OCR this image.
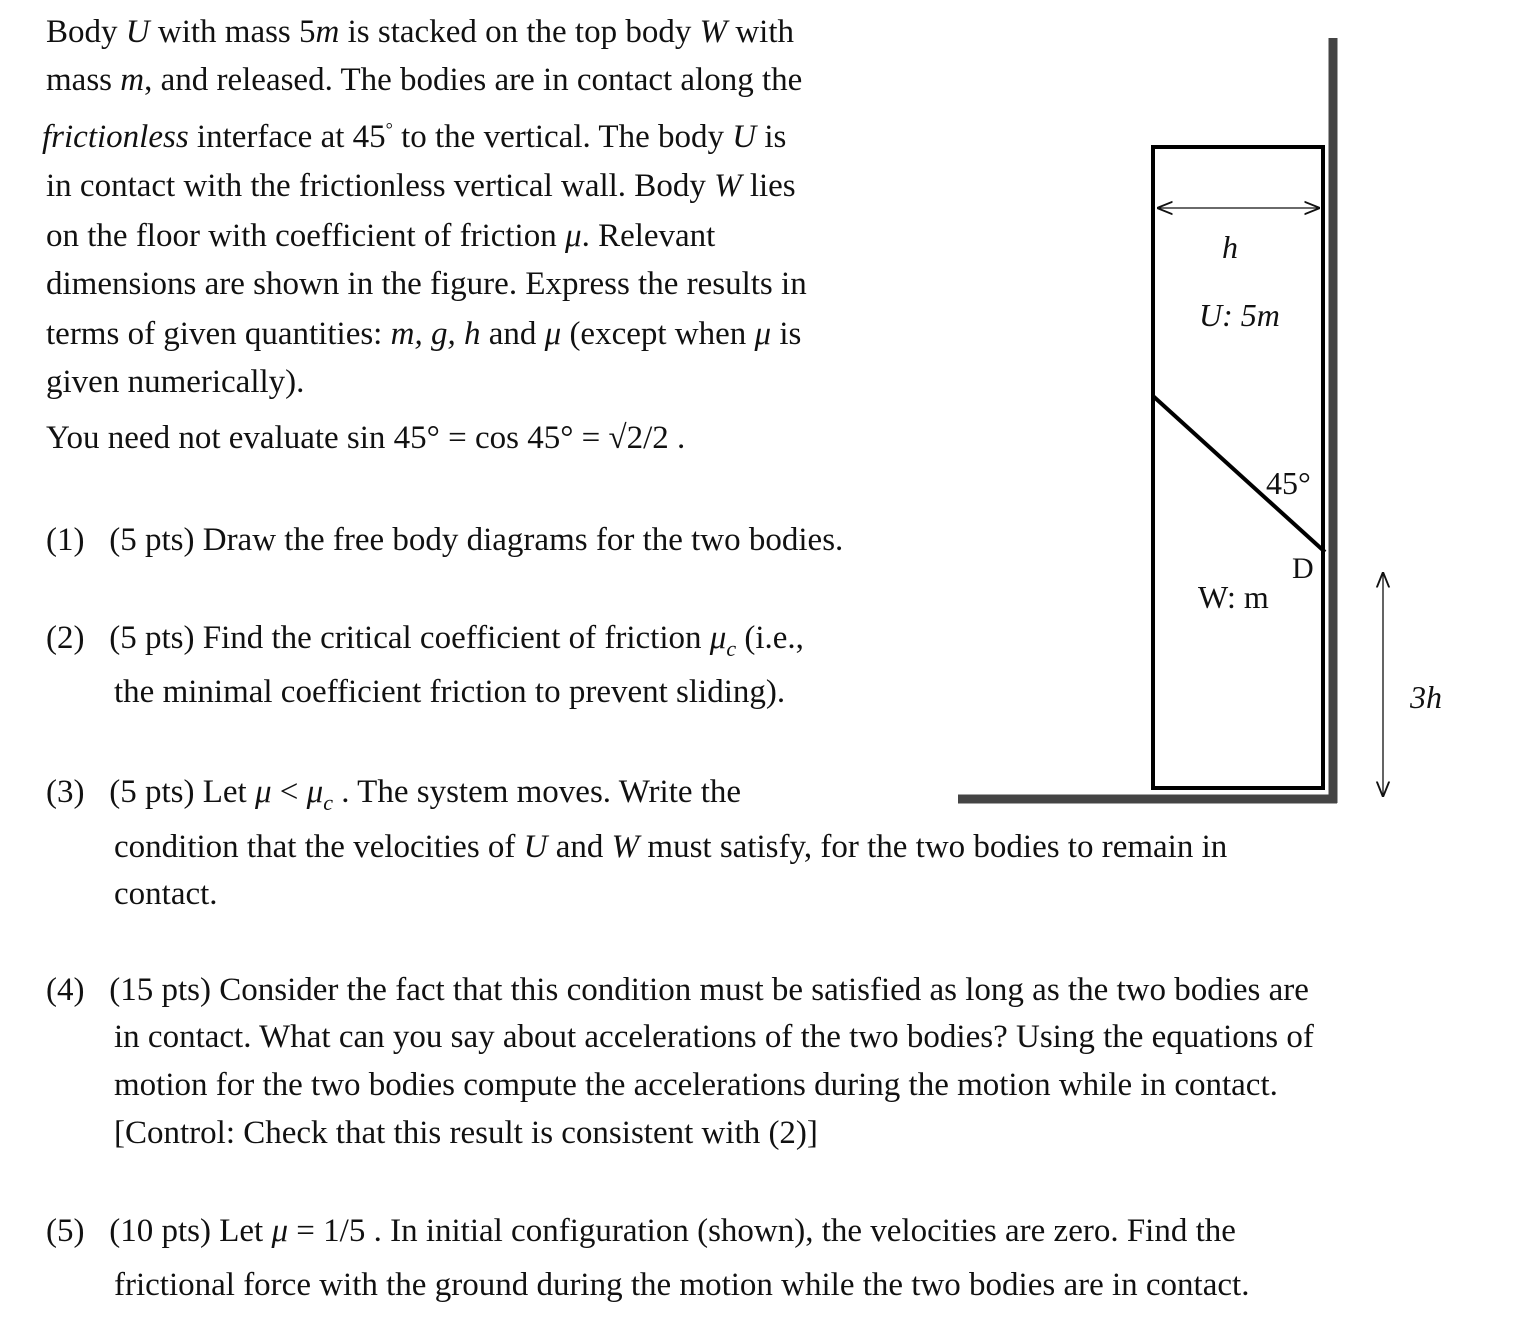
Body U with mass 5m is stacked on the top body W with
mass m, and released. The bodies are in contact along the
frictionless interface at 45° to the vertical. The body U is
in contact with the frictionless vertical wall. Body W lies
on the floor with coefficient of friction μ. Relevant
dimensions are shown in the figure. Express the results in
terms of given quantities: m, g, h and μ (except when μ is
given numerically).
You need not evaluate sin 45° = cos 45° = √2/2 .
(1) (5 pts) Draw the free body diagrams for the two bodies.
(2) (5 pts) Find the critical coefficient of friction $\mu_c$ (i.e.,
the minimal coefficient friction to prevent sliding).
(3) (5 pts) Let $\mu < \mu_c$ . The system moves. Write the
condition that the velocities of U and W must satisfy, for the two bodies to remain in
contact.
(4) (15 pts) Consider the fact that this condition must be satisfied as long as the two bodies are
in contact. What can you say about accelerations of the two bodies? Using the equations of
motion for the two bodies compute the accelerations during the motion while in contact.
[Control: Check that this result is consistent with (2)]
(5) (10 pts) Let μ = 1/5 . In initial configuration (shown), the velocities are zero. Find the
frictional force with the ground during the motion while the two bodies are in contact.
h
U: 5m
45°
D
W: m
3h
